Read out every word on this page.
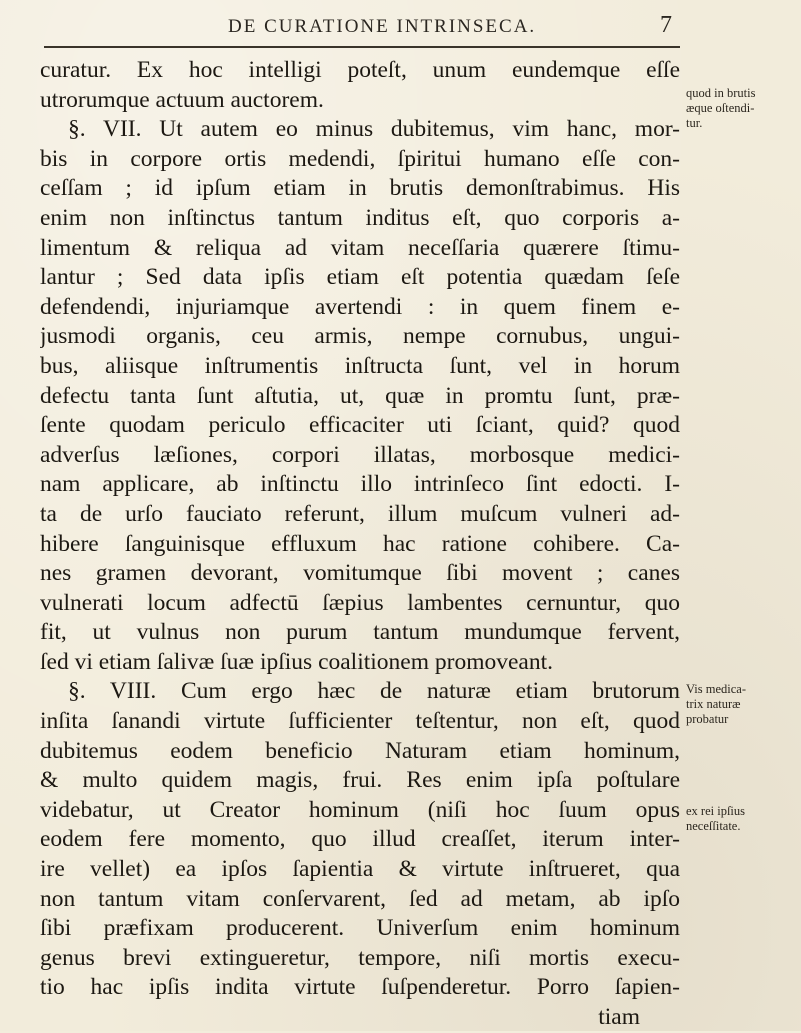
DE CURATIONE INTRINSECA.	7
curatur. Ex hoc intelligi poteſt, unum eundemque eſſe
utrorumque actuum auctorem.
§. VII. Ut autem eo minus dubitemus, vim hanc, mor-
bis in corpore ortis medendi, ſpiritui humano eſſe con-
ceſſam ; id ipſum etiam in brutis demonſtrabimus. His
enim non inſtinctus tantum inditus eſt, quo corporis a-
limentum & reliqua ad vitam neceſſaria quærere ſtimu-
lantur ; Sed data ipſis etiam eſt potentia quædam ſeſe
defendendi, injuriamque avertendi : in quem finem e-
jusmodi organis, ceu armis, nempe cornubus, ungui-
bus, aliisque inſtrumentis inſtructa ſunt, vel in horum
defectu tanta ſunt aſtutia, ut, quæ in promtu ſunt, præ-
ſente quodam periculo efficaciter uti ſciant, quid? quod
adverſus læſiones, corpori illatas, morbosque medici-
nam applicare, ab inſtinctu illo intrinſeco ſint edocti. I-
ta de urſo fauciato referunt, illum muſcum vulneri ad-
hibere ſanguinisque effluxum hac ratione cohibere. Ca-
nes gramen devorant, vomitumque ſibi movent ; canes
vulnerati locum adfectū ſæpius lambentes cernuntur, quo
fit, ut vulnus non purum tantum mundumque fervent,
ſed vi etiam ſalivæ ſuæ ipſius coalitionem promoveant.
§. VIII. Cum ergo hæc de naturæ etiam brutorum
inſita ſanandi virtute ſufficienter teſtentur, non eſt, quod
dubitemus eodem beneficio Naturam etiam hominum,
& multo quidem magis, frui. Res enim ipſa poſtulare
videbatur, ut Creator hominum (niſi hoc ſuum opus
eodem fere momento, quo illud creaſſet, iterum inter-
ire vellet) ea ipſos ſapientia & virtute inſtrueret, qua
non tantum vitam conſervarent, ſed ad metam, ab ipſo
ſibi præfixam producerent. Univerſum enim hominum
genus brevi extingueretur, tempore, niſi mortis execu-
tio hac ipſis indita virtute ſuſpenderetur. Porro ſapien-
tiam
quod in brutis
æque oſtendi-
tur.
Vis medica-
trix naturæ
probatur
ex rei ipſius
neceſſitate.
